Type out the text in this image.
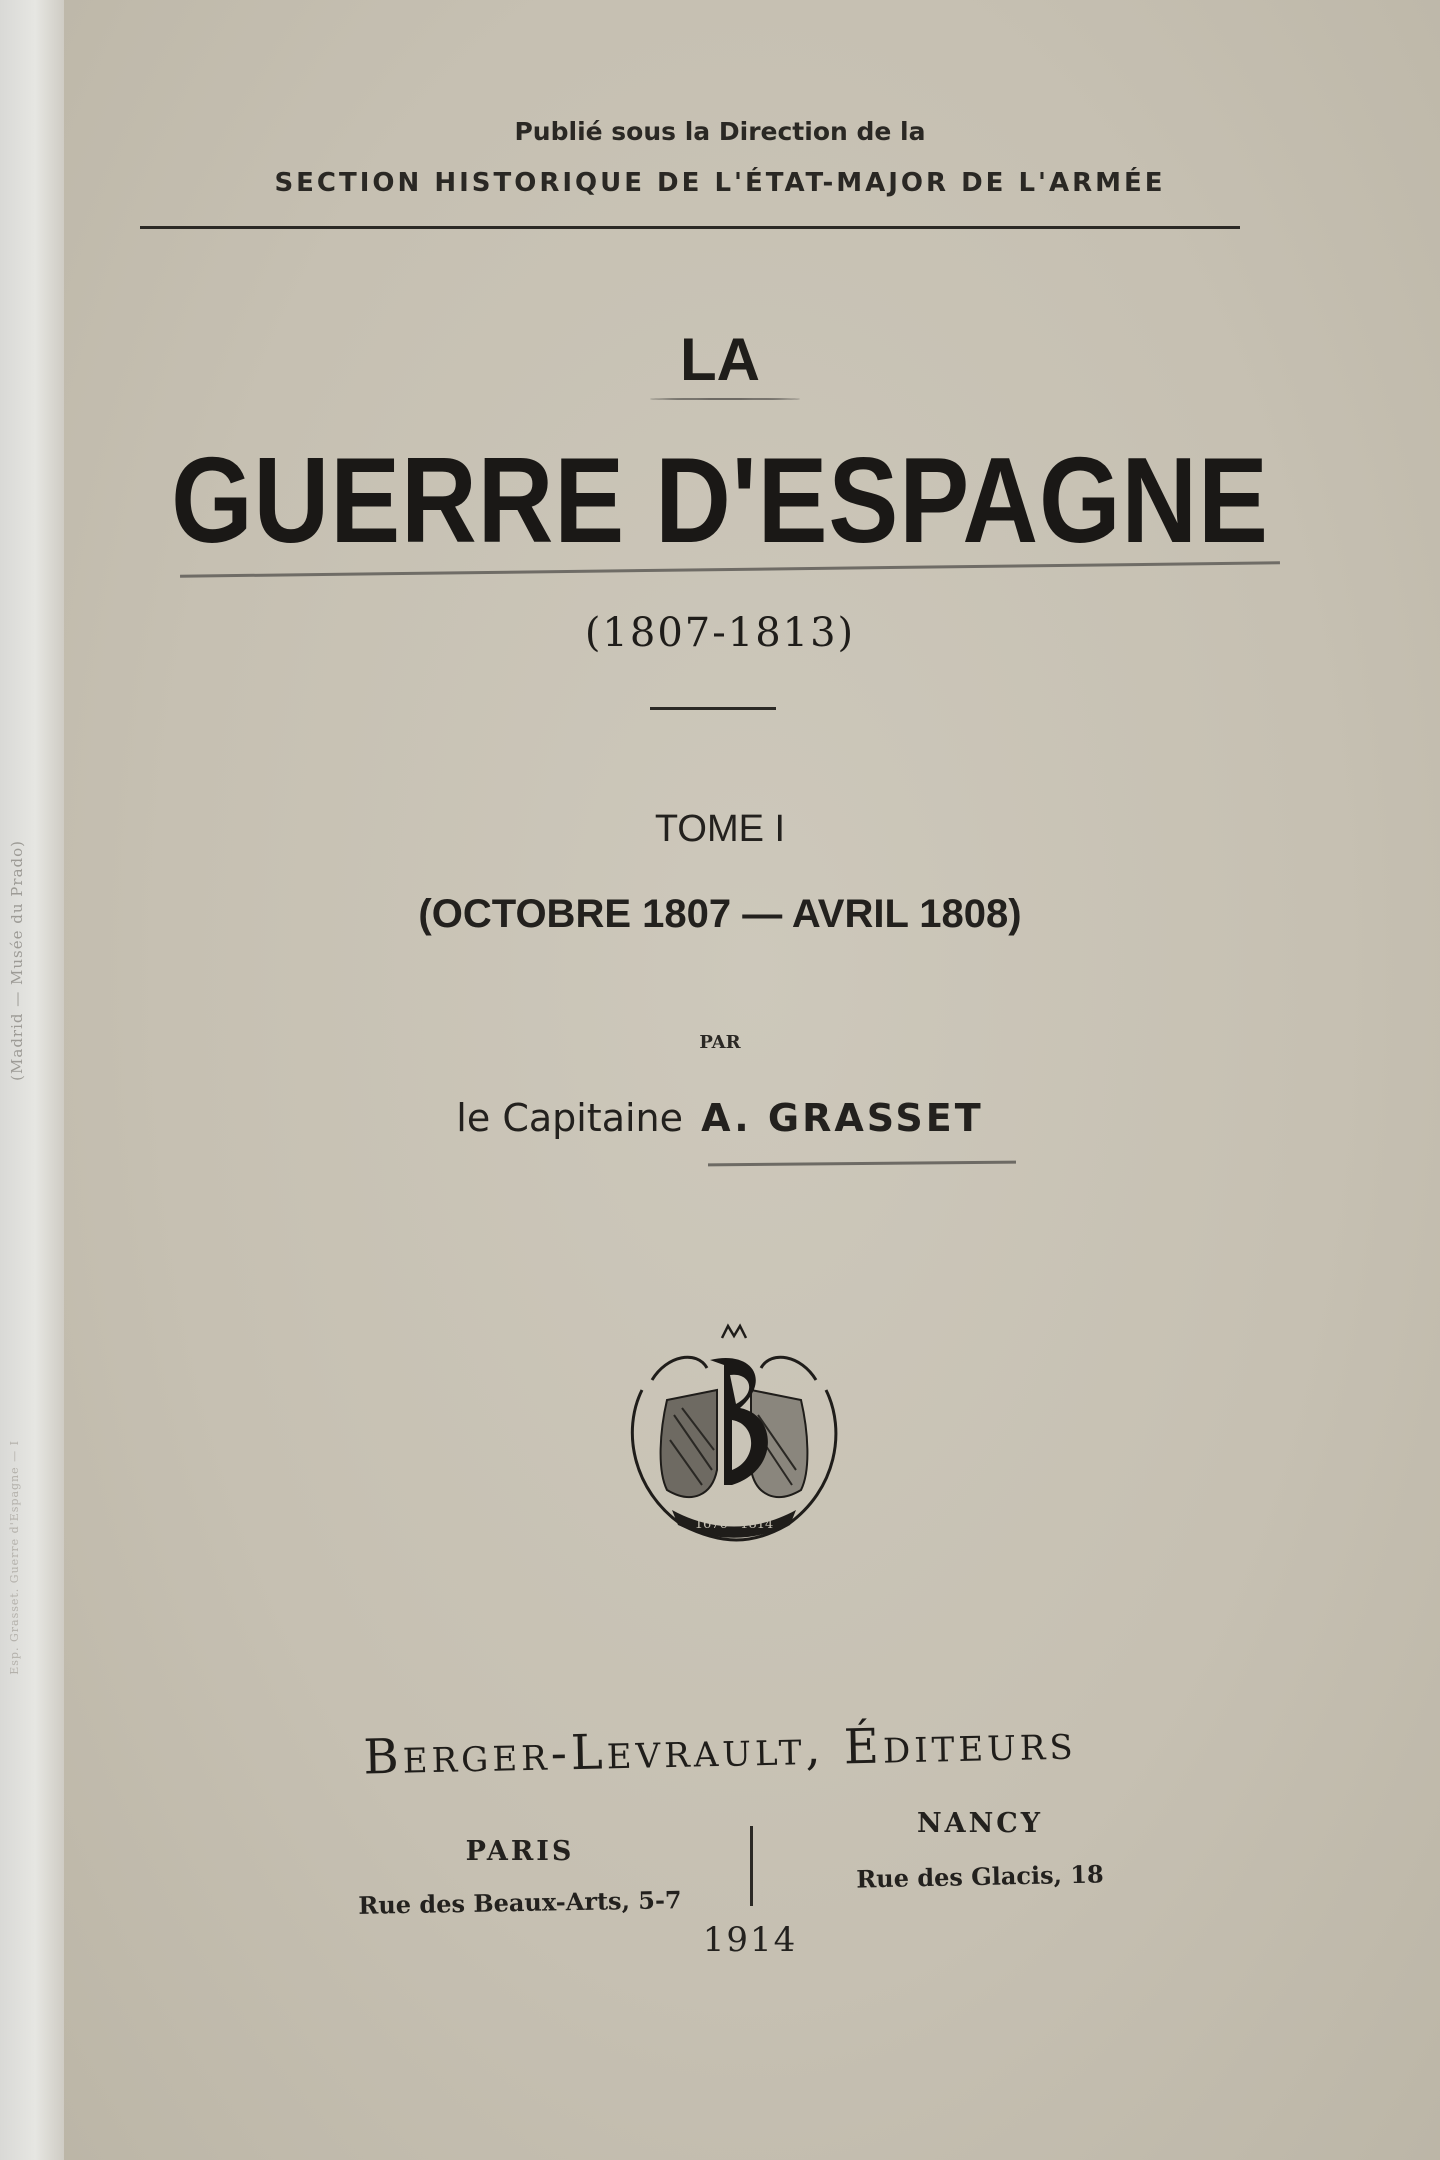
(Madrid — Musée du Prado)
Esp. Grasset. Guerre d'Espagne — I
Publié sous la Direction de la
SECTION HISTORIQUE DE L'ÉTAT-MAJOR DE L'ARMÉE
LA
GUERRE D'ESPAGNE
(1807-1813)
TOME I
(OCTOBRE 1807 — AVRIL 1808)
PAR
le Capitaine A. GRASSET
1676 · 1814
Berger-Levrault, Éditeurs
PARIS
Rue des Beaux-Arts, 5-7
NANCY
Rue des Glacis, 18
1914
